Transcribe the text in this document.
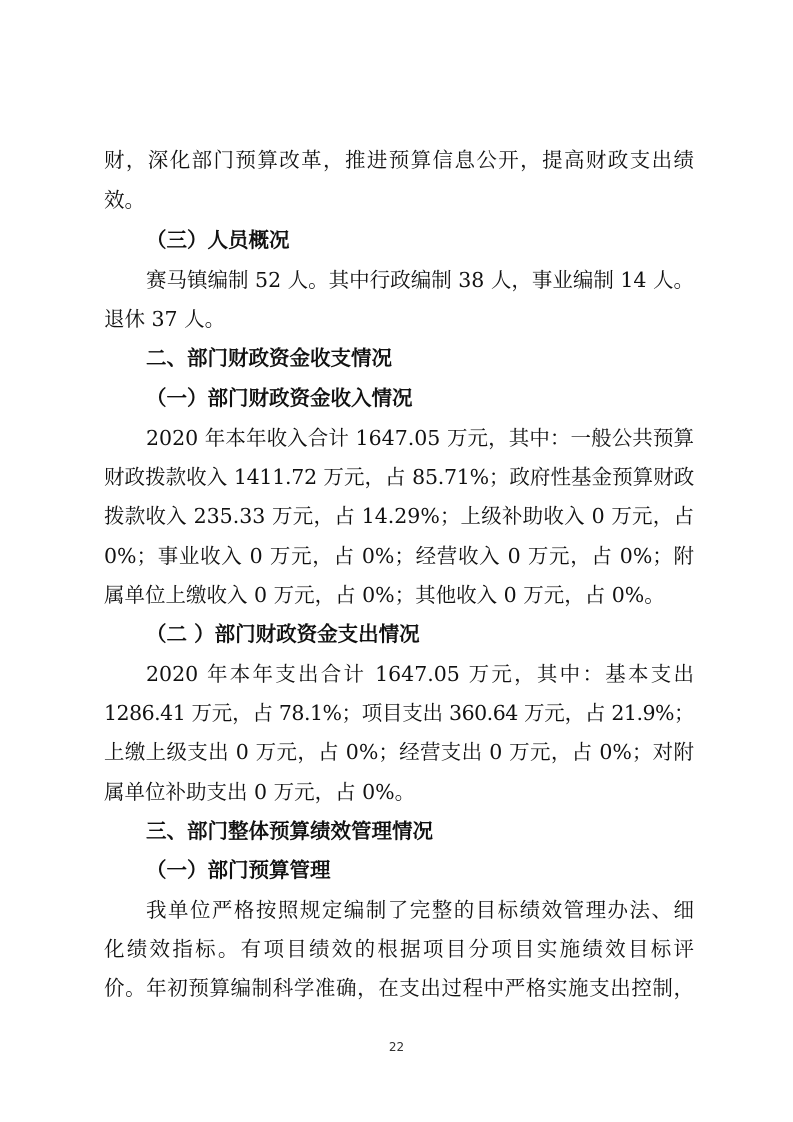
财，深化部门预算改革，推进预算信息公开，提高财政支出绩
效。
（三）人员概况
赛马镇编制 52 人。其中行政编制 38 人，事业编制 14 人。
退休 37 人。
二、部门财政资金收支情况
（一）部门财政资金收入情况
2020 年本年收入合计 1647.05 万元，其中：一般公共预算
财政拨款收入 1411.72 万元，占 85.71%；政府性基金预算财政
拨款收入 235.33 万元，占 14.29%；上级补助收入 0 万元，占
0%；事业收入 0 万元，占 0%；经营收入 0 万元，占 0%；附
属单位上缴收入 0 万元，占 0%；其他收入 0 万元，占 0%。
（二 ）部门财政资金支出情况
2020 年本年支出合计 1647.05 万元，其中：基本支出
1286.41 万元，占 78.1%；项目支出 360.64 万元，占 21.9%；
上缴上级支出 0 万元，占 0%；经营支出 0 万元，占 0%；对附
属单位补助支出 0 万元，占 0%。
三、部门整体预算绩效管理情况
（一）部门预算管理
我单位严格按照规定编制了完整的目标绩效管理办法、细
化绩效指标。有项目绩效的根据项目分项目实施绩效目标评
价。年初预算编制科学准确，在支出过程中严格实施支出控制，
22
